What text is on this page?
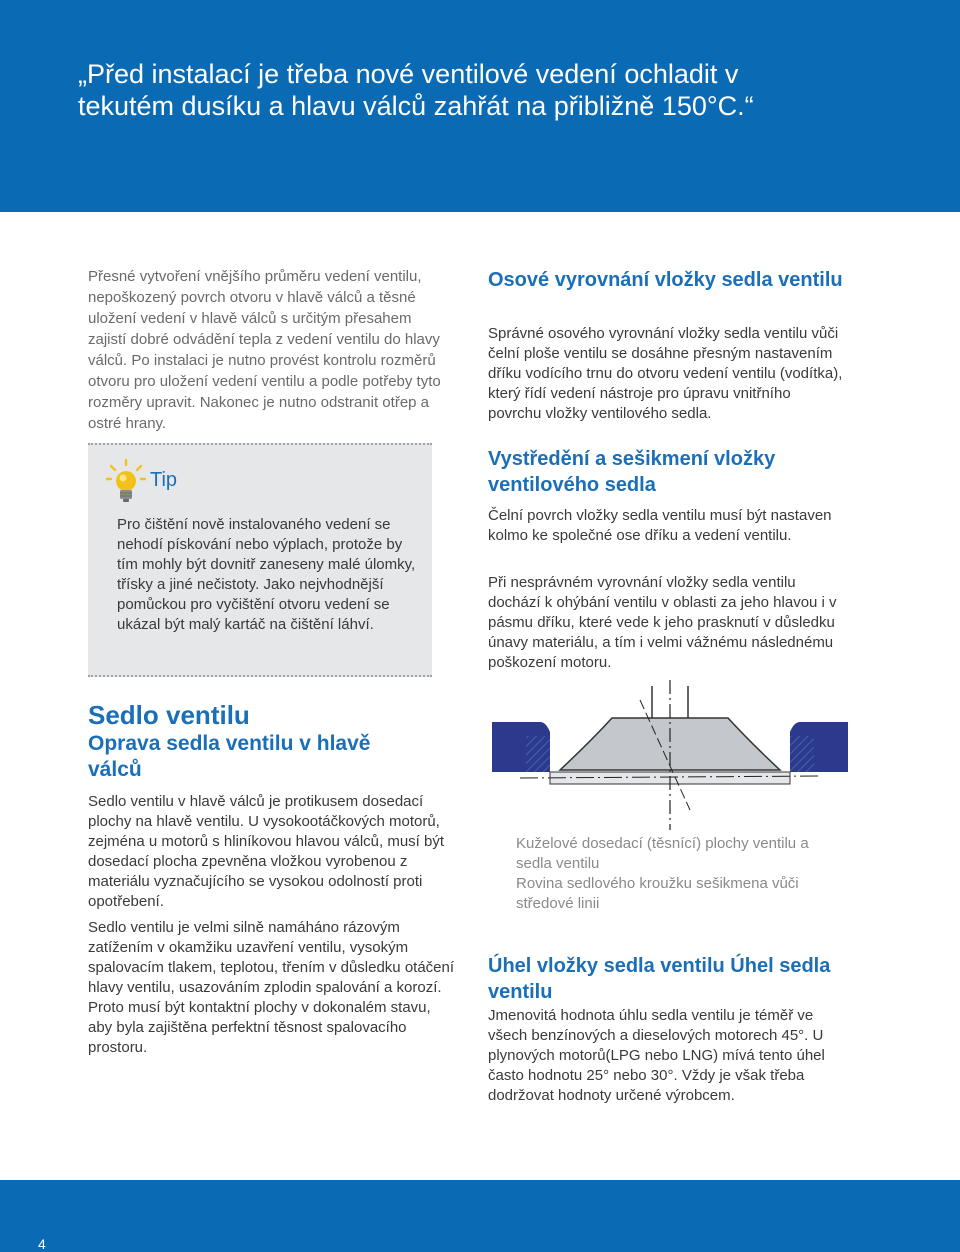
„Před instalací je třeba nové ventilové vedení ochladit v tekutém dusíku a hlavu válců zahřát na přibližně 150°C.“

Přesné vytvoření vnějšího průměru vedení ventilu, nepoškozený povrch otvoru v hlavě válců a těsné uložení vedení v hlavě válců s určitým přesahem zajistí dobré odvádění tepla z vedení ventilu do hlavy válců. Po instalaci je nutno provést kontrolu rozměrů otvoru pro uložení vedení ventilu a podle potřeby tyto rozměry upravit. Nakonec je nutno odstranit otřep a ostré hrany.

Tip

Pro čištění nově instalovaného vedení se nehodí pískování nebo výplach, protože by tím mohly být dovnitř zaneseny malé úlomky, třísky a jiné nečistoty. Jako nejvhodnější pomůckou pro vyčištění otvoru vedení se ukázal být malý kartáč na čištění láhví.

Sedlo ventilu
Oprava sedla ventilu v hlavě válců

Sedlo ventilu v hlavě válců je protikusem dosedací plochy na hlavě ventilu. U vysokootáčkových motorů, zejména u motorů s hliníkovou hlavou válců, musí být dosedací plocha zpevněna vložkou vyrobenou z materiálu vyznačujícího se vysokou odolností proti opotřebení.

Sedlo ventilu je velmi silně namáháno rázovým zatížením v okamžiku uzavření ventilu, vysokým spalovacím tlakem, teplotou, třením v důsledku otáčení hlavy ventilu, usazováním zplodin spalování a korozí. Proto musí být kontaktní plochy v dokonalém stavu, aby byla zajištěna perfektní těsnost spalovacího prostoru.

Osové vyrovnání vložky sedla ventilu

Správné osového vyrovnání vložky sedla ventilu vůči čelní ploše ventilu se dosáhne přesným nastavením dříku vodícího trnu do otvoru vedení ventilu (vodítka), který řídí vedení nástroje pro úpravu vnitřního povrchu vložky ventilového sedla.

Vystředění a sešikmení vložky ventilového sedla

Čelní povrch vložky sedla ventilu musí být nastaven kolmo ke společné ose dříku a vedení ventilu.

Při nesprávném vyrovnání vložky sedla ventilu dochází k ohýbání ventilu v oblasti za jeho hlavou i v pásmu dříku, které vede k jeho prasknutí v důsledku únavy materiálu, a tím i velmi vážnému následnému poškození motoru.

Kuželové dosedací (těsnící) plochy ventilu a sedla ventilu
Rovina sedlového kroužku sešikmena vůči středové linii

Úhel vložky sedla ventilu Úhel sedla ventilu

Jmenovitá hodnota úhlu sedla ventilu je téměř ve všech benzínových a dieselových motorech 45°. U plynových motorů(LPG nebo LNG) mívá tento úhel často hodnotu 25° nebo 30°. Vždy je však třeba dodržovat hodnoty určené výrobcem.

4
